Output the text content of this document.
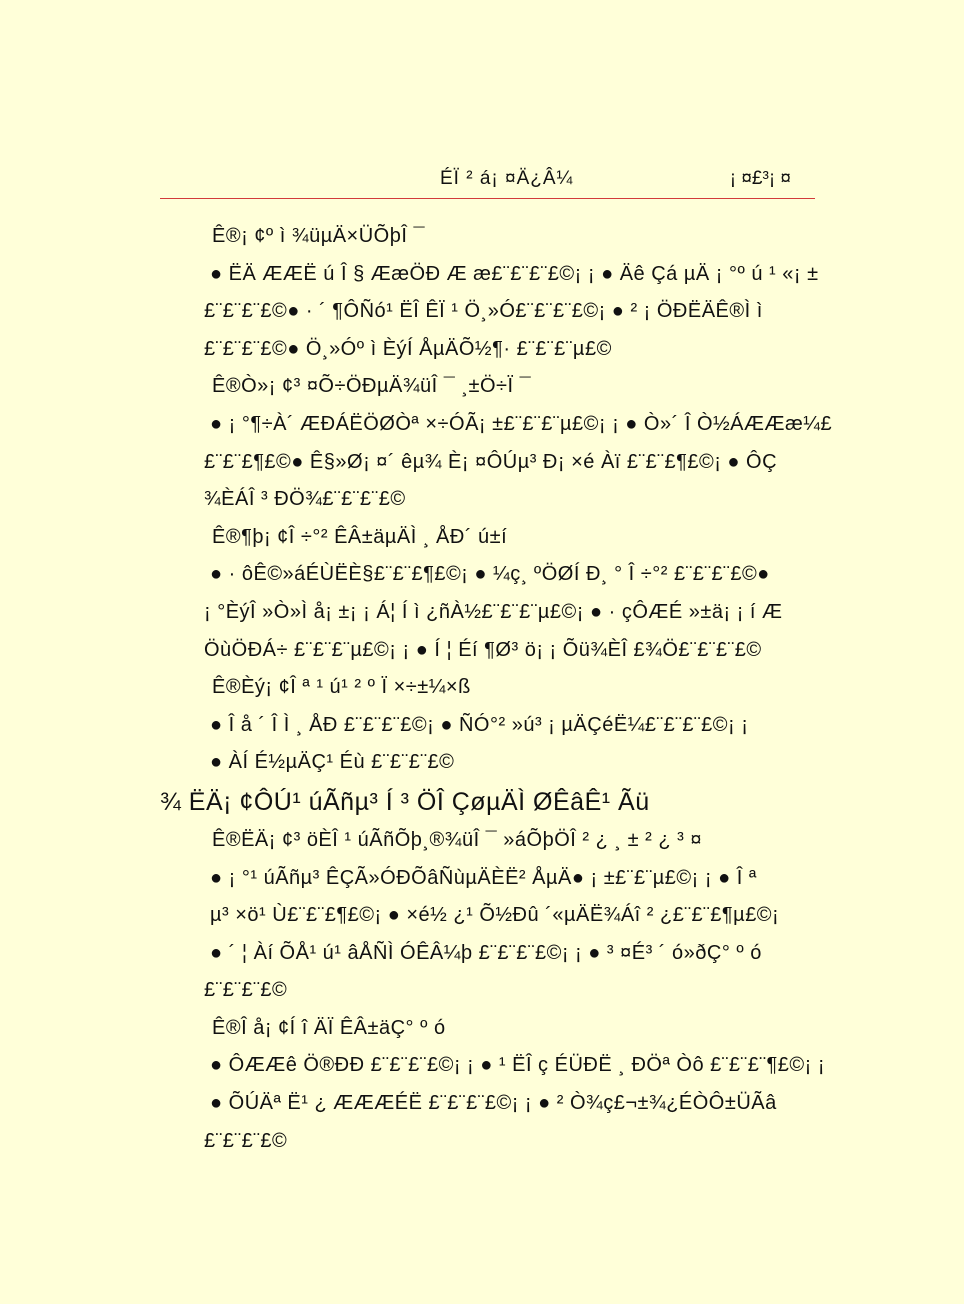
ÉÏ ² á¡ ¤Ä¿Â¼	¡ ¤£³¡ ¤
Ê®¡ ¢º ì ¾üµÄ×ÜÕþÎ ¯
● ËÄ ÆÆË ú Î § ÆæÖÐ Æ æ£¨£¨£¨£©¡ ¡ ● Äê Çá µÄ ¡ °º ú ¹ «¡ ±
£¨£¨£¨£©● · ´ ¶ÔÑó¹ ËÎ ÊÏ ¹ Ö¸»Ó£¨£¨£¨£©¡ ● ² ¡ ÖÐËÄÊ®Ì ì
£¨£¨£¨£©● Ö¸»Óº ì ÈýÍ ÅµÄÕ½¶· £¨£¨£¨µ£©
Ê®Ò»¡ ¢³ ¤Õ÷ÖÐµÄ¾üÎ ¯ ¸±Ö÷Ï ¯
● ¡ °¶÷À´ ÆÐÁËÖØÒª ×÷ÓÃ¡ ±£¨£¨£¨µ£©¡ ¡ ● Ò»´ Î Ò½ÁÆÆæ¼£
£¨£¨£¶£©● Ê§»Ø¡ ¤´ êµ¾ È¡ ¤ÔÚµ³ Ð¡ ×é Àï £¨£¨£¶£©¡ ● ÔÇ
¾ÈÁÎ ³ ÐÖ¾£¨£¨£¨£©
Ê®¶þ¡ ¢Î ÷°² ÊÂ±äµÄÌ ¸ ÅÐ´ ú±í
● · ôÊ©»áÉÙËÈ§£¨£¨£¶£©¡ ● ¼ç¸ ºÖØÍ Ð¸ ° Î ÷°² £¨£¨£¨£©●
¡ °ÈýÎ »Ò»Ì å¡ ±¡ ¡ Á¦ Í ì ¿ñÀ½£¨£¨£¨µ£©¡ ● · çÔÆÉ »±ä¡ ¡ í Æ
ÖùÖÐÁ÷ £¨£¨£¨µ£©¡ ¡ ● Í ¦ Éí ¶Ø³ ö¡ ¡ Õü¾ÈÎ £¾Ö£¨£¨£¨£©
Ê®Èý¡ ¢Î ª ¹ ú¹ ² º Ï ×÷±¼×ß
● Î å ´ Î Ì ¸ ÅÐ £¨£¨£¨£©¡ ● ÑÓ°² »ú³ ¡ µÄÇéË¼£¨£¨£¨£©¡ ¡
● ÀÍ É½µÄÇ¹ Éù £¨£¨£¨£©
¾ ËÄ¡ ¢ÔÚ¹ úÃñµ³ Í ³ ÖÎ ÇøµÄÌ ØÊâÊ¹ Ãü
Ê®ËÄ¡ ¢³ öÈÎ ¹ úÃñÕþ¸®¾üÎ ¯ »áÕþÖÎ ² ¿ ¸ ± ² ¿ ³ ¤
● ¡ °¹ úÃñµ³ ÊÇÃ»ÓÐÕâÑùµÄÈË² ÅµÄ● ¡ ±£¨£¨µ£©¡ ¡ ● Î ª
µ³ ×ö¹ Ù£¨£¨£¶£©¡ ● ×é½ ¿¹ Õ½Ðû ´«µÄË¾Áî ² ¿£¨£¨£¶µ£©¡
● ´ ¦ Àí ÕÅ¹ ú¹ âÅÑÌ ÓÊÂ¼þ £¨£¨£¨£©¡ ¡ ● ³ ¤É³ ´ ó»ðÇ° º ó
£¨£¨£¨£©
Ê®Î å¡ ¢Í î ÄÏ ÊÂ±äÇ° º ó
● ÔÆÆê Ö®ÐÐ £¨£¨£¨£©¡ ¡ ● ¹ ËÎ ç ÉÜÐË ¸ ÐÖª Òô £¨£¨£¨¶£©¡ ¡
● ÕÚÄª Ë¹ ¿ ÆÆÆÉË £¨£¨£¨£©¡ ¡ ● ² Ò¾ç£¬±¾¿ÉÒÔ±ÜÃâ
£¨£¨£¨£©
